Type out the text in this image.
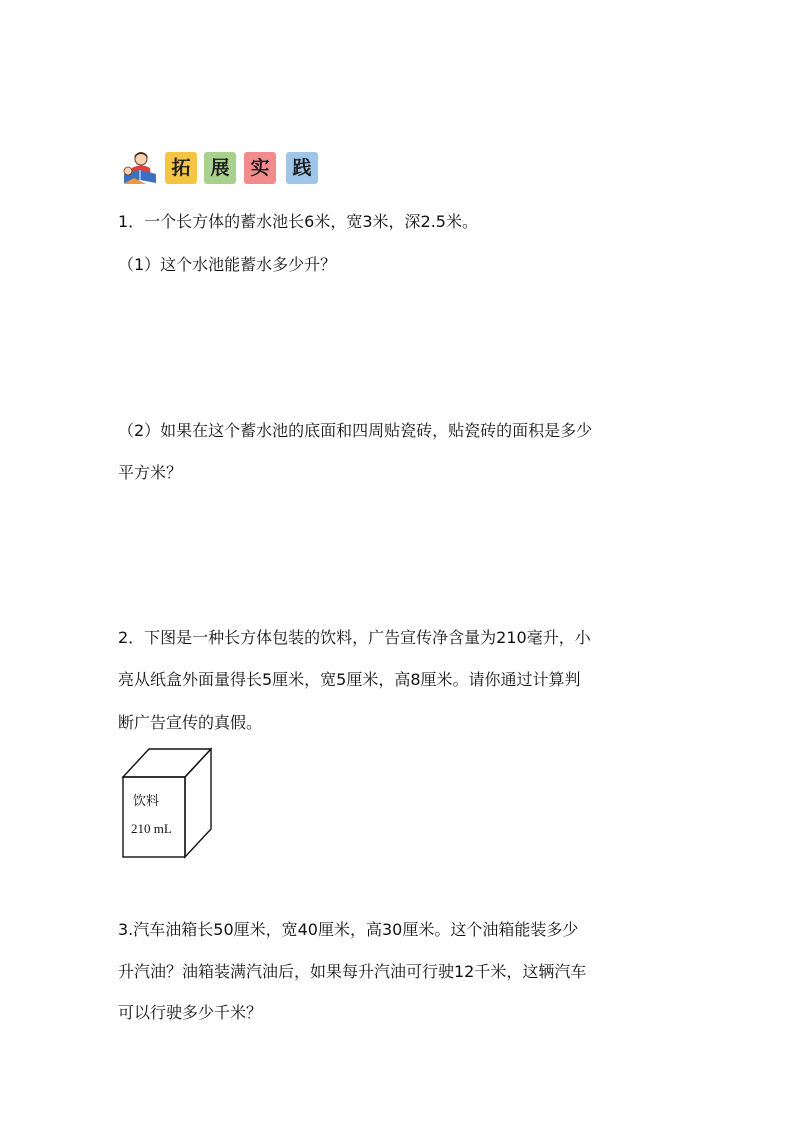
拓	展	实	践
1．一个长方体的蓄水池长6米，宽3米，深2.5米。
（1）这个水池能蓄水多少升？
（2）如果在这个蓄水池的底面和四周贴瓷砖，贴瓷砖的面积是多少
平方米？
2．下图是一种长方体包装的饮料，广告宣传净含量为210毫升，小
亮从纸盒外面量得长5厘米，宽5厘米，高8厘米。请你通过计算判
断广告宣传的真假。
饮料
210 mL
3.汽车油箱长50厘米，宽40厘米，高30厘米。这个油箱能装多少
升汽油？油箱装满汽油后，如果每升汽油可行驶12千米，这辆汽车
可以行驶多少千米？
